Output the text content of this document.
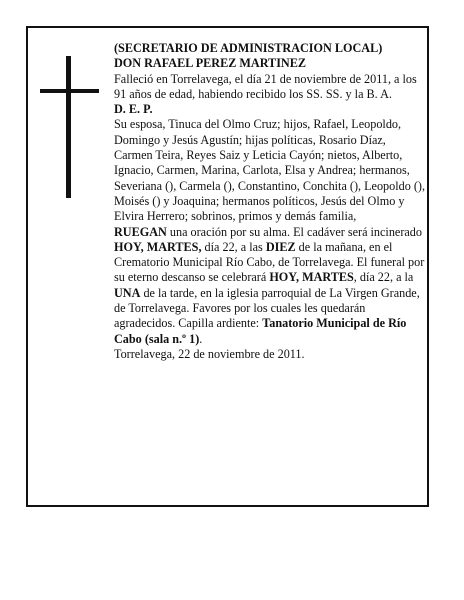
(SECRETARIO DE ADMINISTRACION LOCAL)

DON RAFAEL PEREZ MARTINEZ

Falleció en Torrelavega, el día 21 de noviembre de 2011, a los 91 años de edad, habiendo recibido los SS. SS. y la B. A.

D. E. P.

Su esposa, Tinuca del Olmo Cruz; hijos, Rafael, Leopoldo, Domingo y Jesús Agustín; hijas políticas, Rosario Díaz, Carmen Teira, Reyes Saiz y Leticia Cayón; nietos, Alberto, Ignacio, Carmen, Marina, Carlota, Elsa y Andrea; hermanos, Severiana (), Carmela (), Constantino, Conchita (), Leopoldo (), Moisés () y Joaquina; hermanos políticos, Jesús del Olmo y Elvira Herrero; sobrinos, primos y demás familia,

RUEGAN una oración por su alma. El cadáver será incinerado HOY, MARTES, día 22, a las DIEZ de la mañana, en el Crematorio Municipal Río Cabo, de Torrelavega. El funeral por su eterno descanso se celebrará HOY, MARTES, día 22, a la UNA de la tarde, en la iglesia parroquial de La Virgen Grande, de Torrelavega. Favores por los cuales les quedarán agradecidos. Capilla ardiente: Tanatorio Municipal de Río Cabo (sala n.º 1).

Torrelavega, 22 de noviembre de 2011.
